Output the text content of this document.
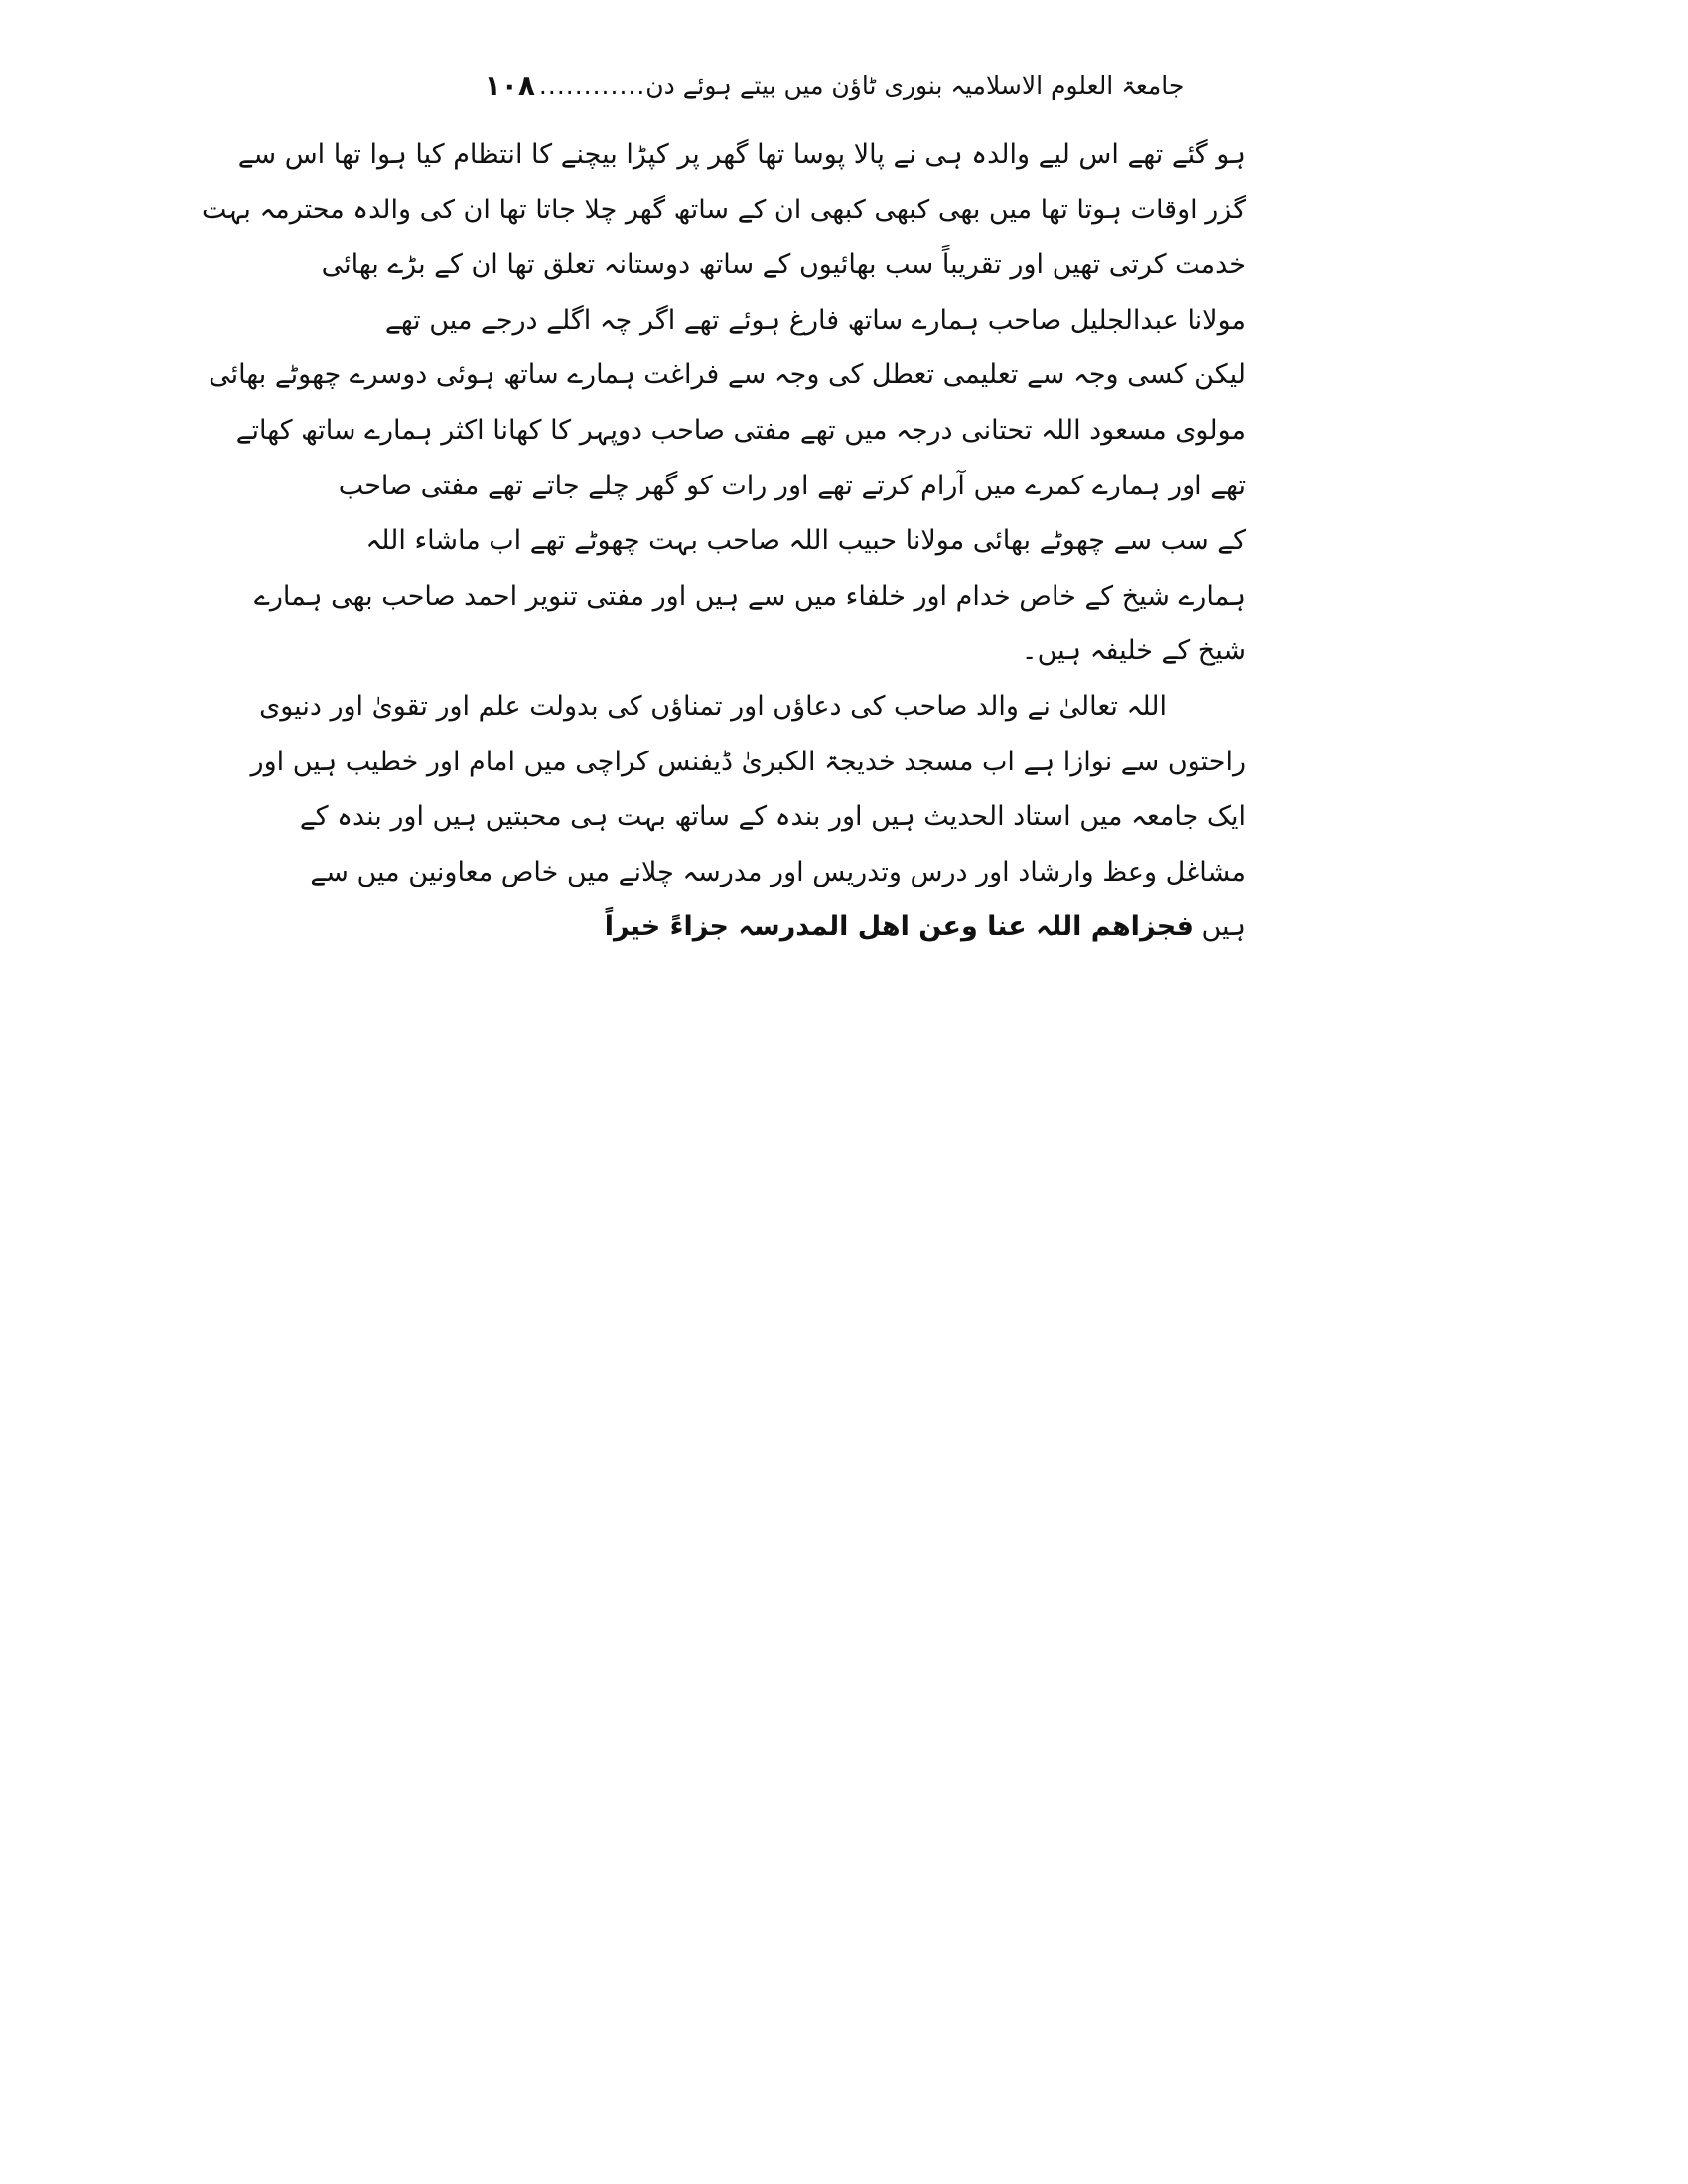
جامعۃ العلوم الاسلامیہ بنوری ٹاؤن میں بیتے ہوئے دن
............
۱۰۸
ہو گئے تھے اس لیے والدہ ہی نے پالا پوسا تھا گھر پر کپڑا بیچنے کا انتظام کیا ہوا تھا اس سے
گزر اوقات ہوتا تھا میں بھی کبھی کبھی ان کے ساتھ گھر چلا جاتا تھا ان کی والدہ محترمہ بہت
خدمت کرتی تھیں اور تقریباً سب بھائیوں کے ساتھ دوستانہ تعلق تھا ان کے بڑے بھائی
مولانا عبدالجلیل صاحب ہمارے ساتھ فارغ ہوئے تھے اگر چہ اگلے درجے میں تھے
لیکن کسی وجہ سے تعلیمی تعطل کی وجہ سے فراغت ہمارے ساتھ ہوئی دوسرے چھوٹے بھائی
مولوی مسعود اللہ تحتانی درجہ میں تھے مفتی صاحب دوپہر کا کھانا اکثر ہمارے ساتھ کھاتے
تھے اور ہمارے کمرے میں آرام کرتے تھے اور رات کو گھر چلے جاتے تھے مفتی صاحب
کے سب سے چھوٹے بھائی مولانا حبیب اللہ صاحب بہت چھوٹے تھے اب ماشاء اللہ
ہمارے شیخ کے خاص خدام اور خلفاء میں سے ہیں اور مفتی تنویر احمد صاحب بھی ہمارے
شیخ کے خلیفہ ہیں۔
اللہ تعالیٰ نے والد صاحب کی دعاؤں اور تمناؤں کی بدولت علم اور تقویٰ اور دنیوی
راحتوں سے نوازا ہے اب مسجد خدیجۃ الکبریٰ ڈیفنس کراچی میں امام اور خطیب ہیں اور
ایک جامعہ میں استاد الحدیث ہیں اور بندہ کے ساتھ بہت ہی محبتیں ہیں اور بندہ کے
مشاغل وعظ وارشاد اور درس وتدریس اور مدرسہ چلانے میں خاص معاونین میں سے
ہیں فجزاھم اللہ عنا وعن اھل المدرسہ جزاءً خیراً
